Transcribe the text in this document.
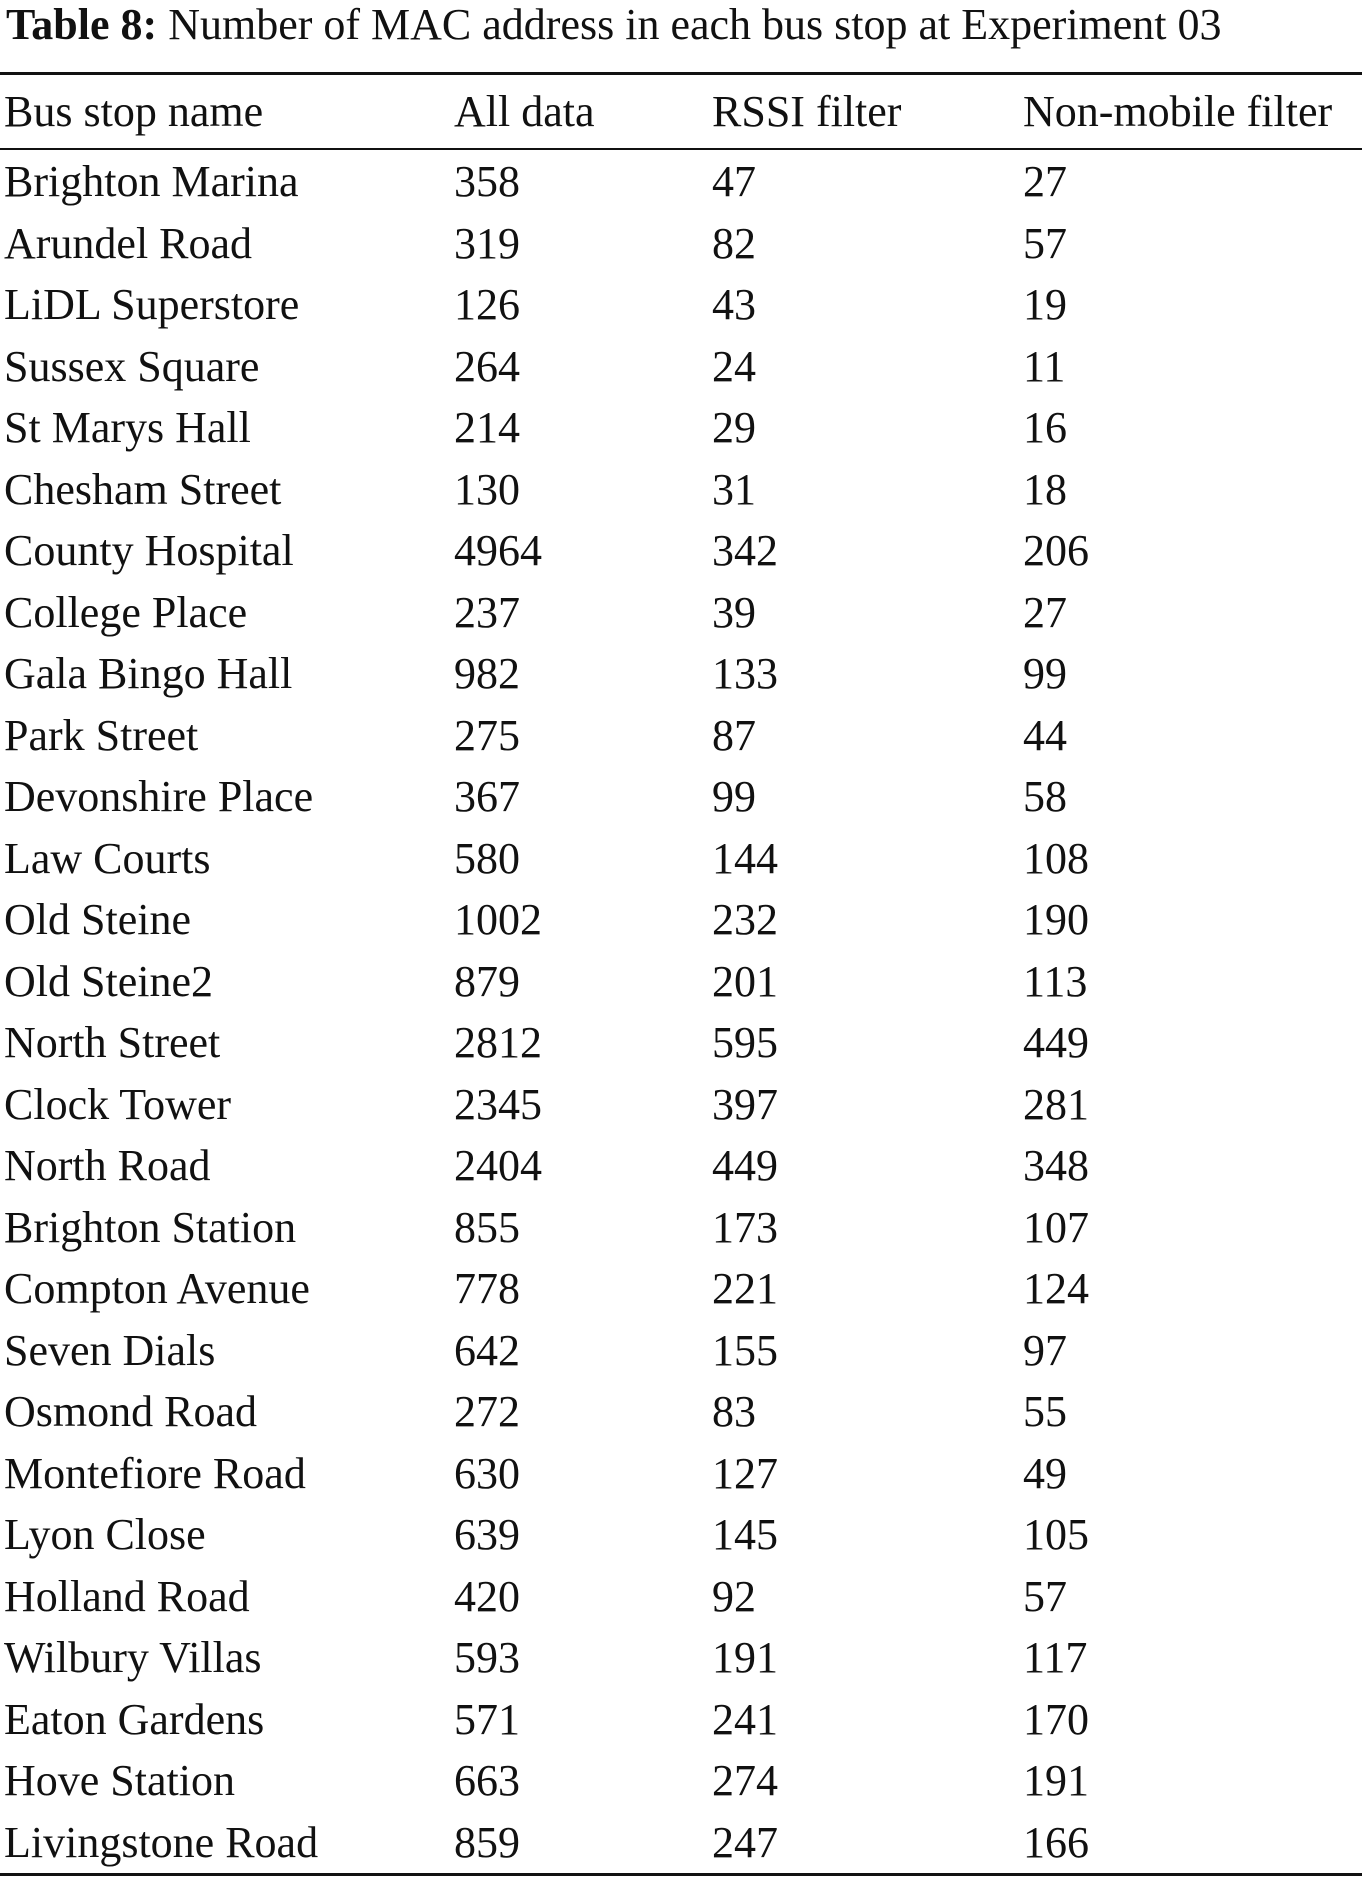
Table 8: Number of MAC address in each bus stop at Experiment 03
Bus stop name	All data	RSSI filter	Non-mobile filter

Brighton Marina	358	47	27
Arundel Road	319	82	57
LiDL Superstore	126	43	19
Sussex Square	264	24	11
St Marys Hall	214	29	16
Chesham Street	130	31	18
County Hospital	4964	342	206
College Place	237	39	27
Gala Bingo Hall	982	133	99
Park Street	275	87	44
Devonshire Place	367	99	58
Law Courts	580	144	108
Old Steine	1002	232	190
Old Steine2	879	201	113
North Street	2812	595	449
Clock Tower	2345	397	281
North Road	2404	449	348
Brighton Station	855	173	107
Compton Avenue	778	221	124
Seven Dials	642	155	97
Osmond Road	272	83	55
Montefiore Road	630	127	49
Lyon Close	639	145	105
Holland Road	420	92	57
Wilbury Villas	593	191	117
Eaton Gardens	571	241	170
Hove Station	663	274	191
Livingstone Road	859	247	166
